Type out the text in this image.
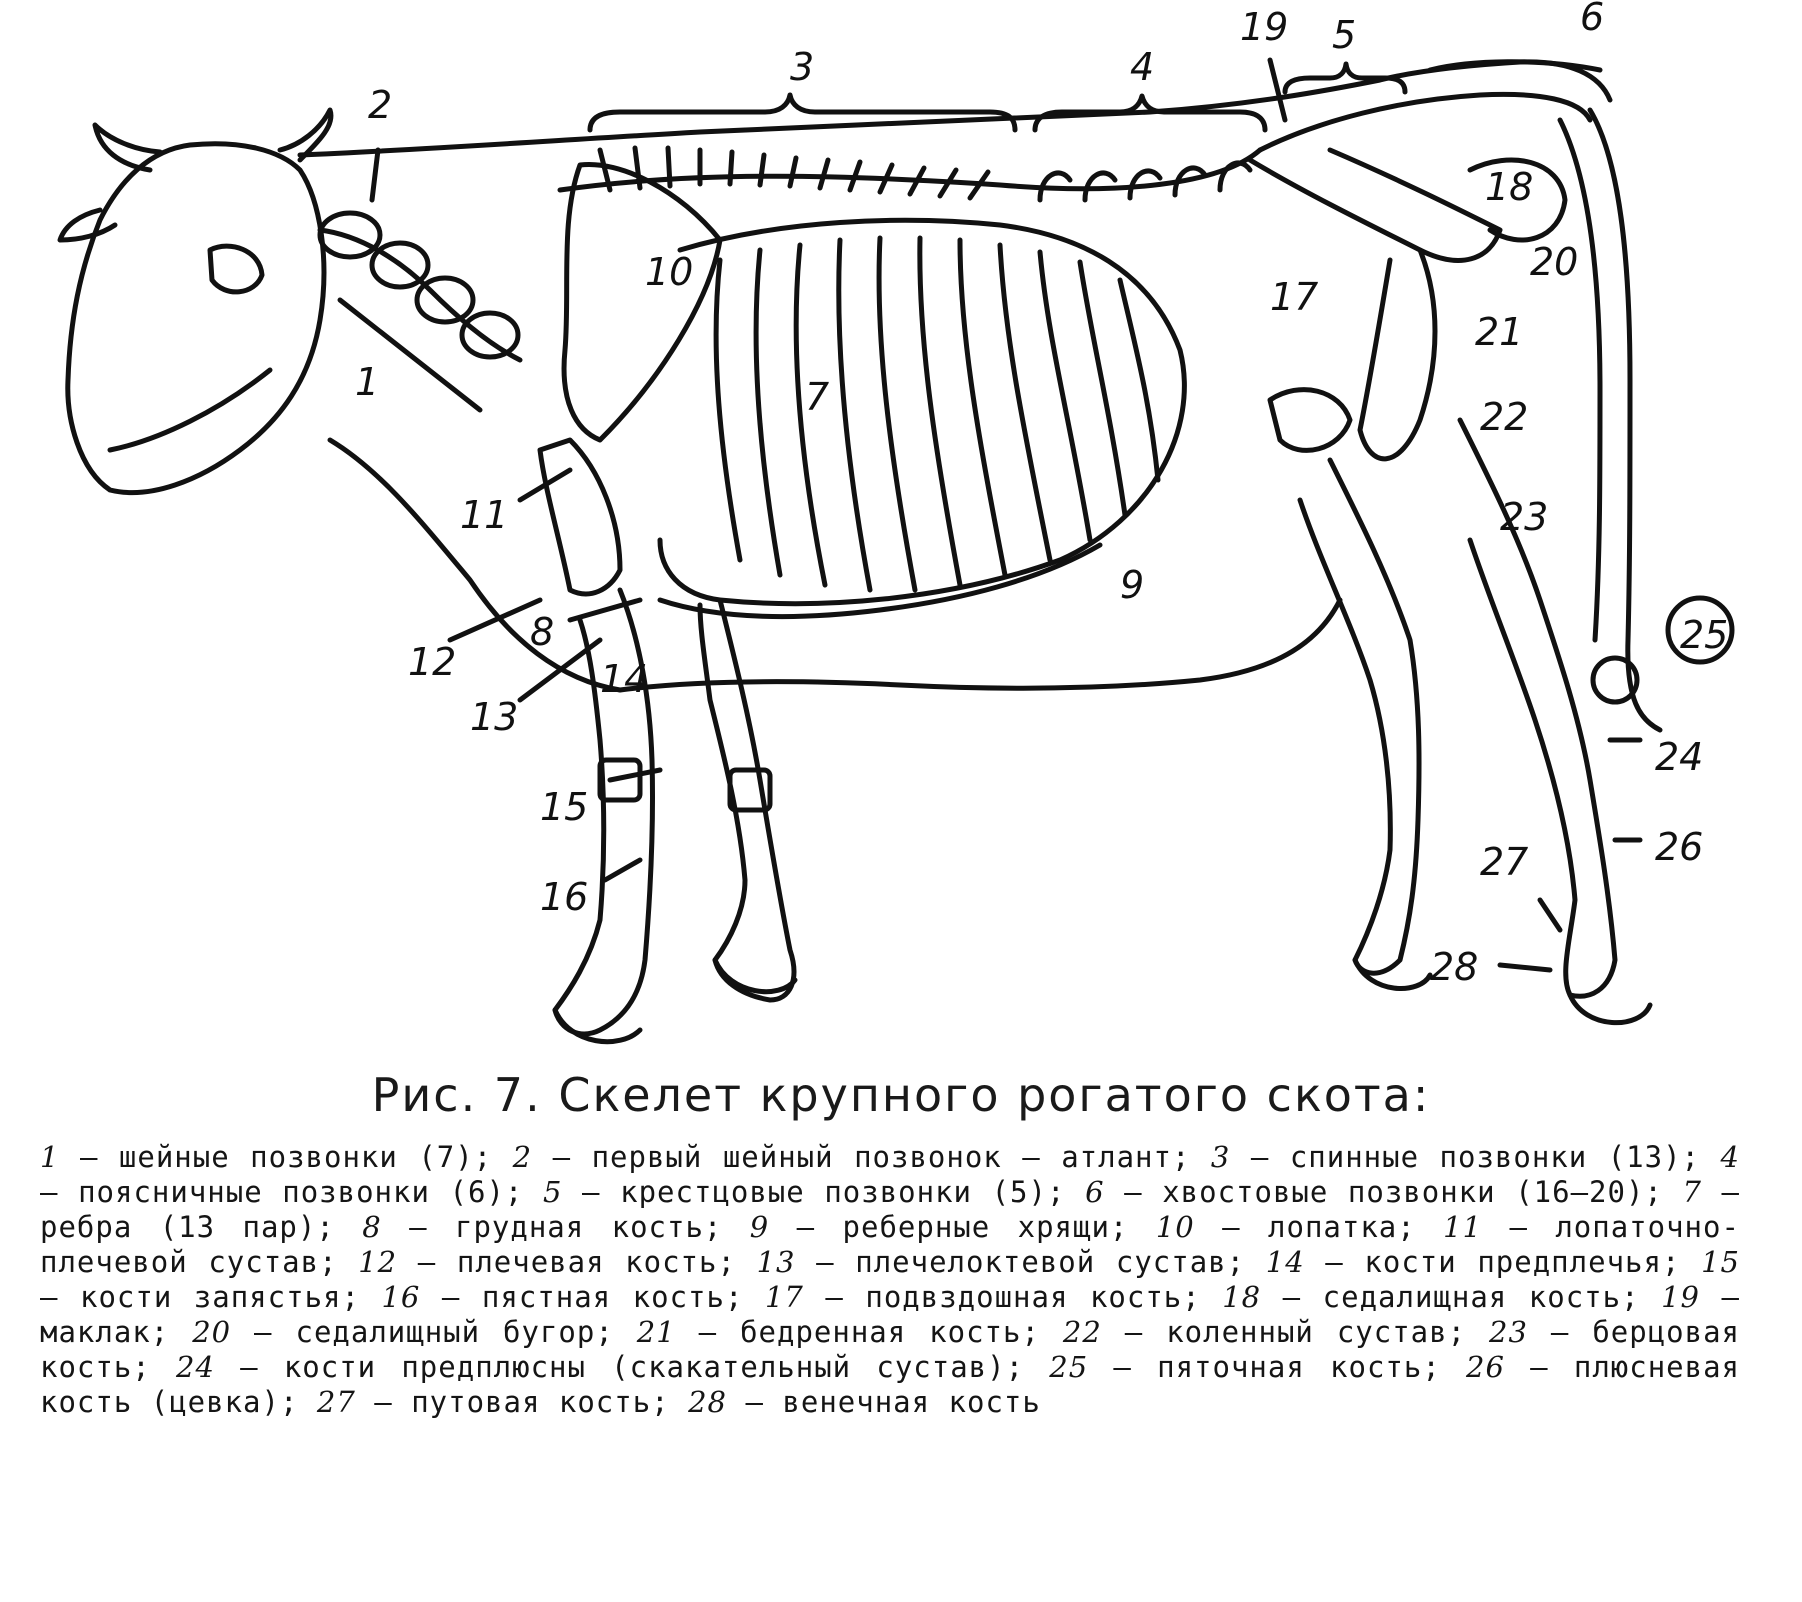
1
2
3	4
5	6
7
8
9
10
11
12
13
14
15
16
17
18
19
20
21
22
23
24
25
26
27
28
Рис. 7. Скелет крупного рогатого скота:
1 — шейные позвонки (7); 2 — первый шейный позвонок — атлант; 3 — спинные позвонки (13); 4 — поясничные позвонки (6); 5 — крестцовые позвонки (5); 6 — хвостовые позвонки (16—20); 7 — ребра (13 пар); 8 — грудная кость; 9 — реберные хрящи; 10 — лопатка; 11 — лопаточно-плечевой сустав; 12 — плечевая кость; 13 — плечелоктевой сустав; 14 — кости предплечья; 15 — кости запястья; 16 — пястная кость; 17 — подвздошная кость; 18 — седалищная кость; 19 — маклак; 20 — седалищный бугор; 21 — бедренная кость; 22 — коленный сустав; 23 — берцовая кость; 24 — кости предплюсны (скакательный сустав); 25 — пяточная кость; 26 — плюсневая кость (цевка); 27 — путовая кость; 28 — венечная кость
